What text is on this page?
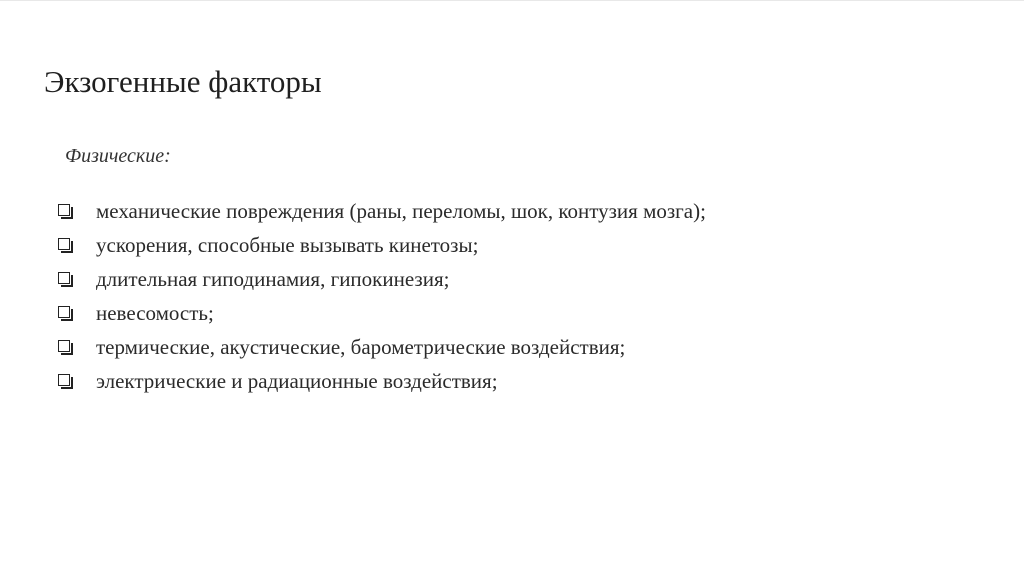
Экзогенные факторы
Физические:
механические повреждения (раны, переломы, шок, контузия мозга);
ускорения, способные вызывать кинетозы;
длительная гиподинамия, гипокинезия;
невесомость;
термические, акустические, барометрические воздействия;
электрические и радиационные воздействия;
